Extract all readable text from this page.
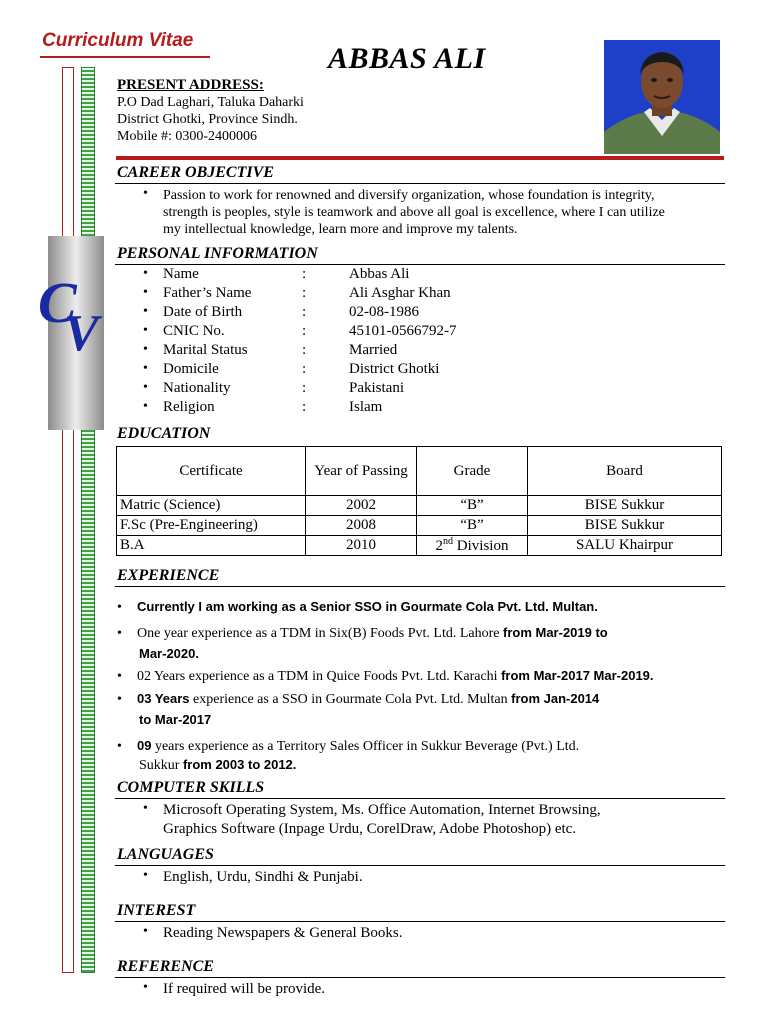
Curriculum Vitae
ABBAS ALI
C
V
PRESENT ADDRESS:
P.O Dad Laghari, Taluka Daharki
District Ghotki, Province Sindh.
Mobile #: 0300-2400006
CAREER OBJECTIVE
• Passion to work for renowned and diversify organization, whose foundation is integrity,
strength is peoples, style is teamwork and above all goal is excellence, where I can utilize
my intellectual knowledge, learn more and improve my talents.
PERSONAL INFORMATION
• Name	:	Abbas Ali
• Father’s Name	:	Ali Asghar Khan
• Date of Birth	:	02-08-1986
• CNIC No.	:	45101-0566792-7
• Marital Status	:	Married
• Domicile	:	District Ghotki
• Nationality	:	Pakistani
• Religion	:	Islam
EDUCATION
Certificate	Year of Passing	Grade	Board
Matric (Science)	2002	“B”	BISE Sukkur
F.Sc (Pre-Engineering)	2008	“B”	BISE Sukkur
B.A	2010	2nd Division	SALU Khairpur
EXPERIENCE
• Currently I am working as a Senior SSO in Gourmate Cola Pvt. Ltd. Multan.
• One year experience as a TDM in Six(B) Foods Pvt. Ltd. Lahore from Mar-2019 to
Mar-2020.
• 02 Years experience as a TDM in Quice Foods Pvt. Ltd. Karachi from Mar-2017 Mar-2019.
• 03 Years experience as a SSO in Gourmate Cola Pvt. Ltd. Multan from Jan-2014
to Mar-2017
• 09 years experience as a Territory Sales Officer in Sukkur Beverage (Pvt.) Ltd.
Sukkur from 2003 to 2012.
COMPUTER SKILLS
• Microsoft Operating System, Ms. Office Automation, Internet Browsing,
Graphics Software (Inpage Urdu, CorelDraw, Adobe Photoshop) etc.
LANGUAGES
• English, Urdu, Sindhi & Punjabi.
INTEREST
• Reading Newspapers & General Books.
REFERENCE
• If required will be provide.
